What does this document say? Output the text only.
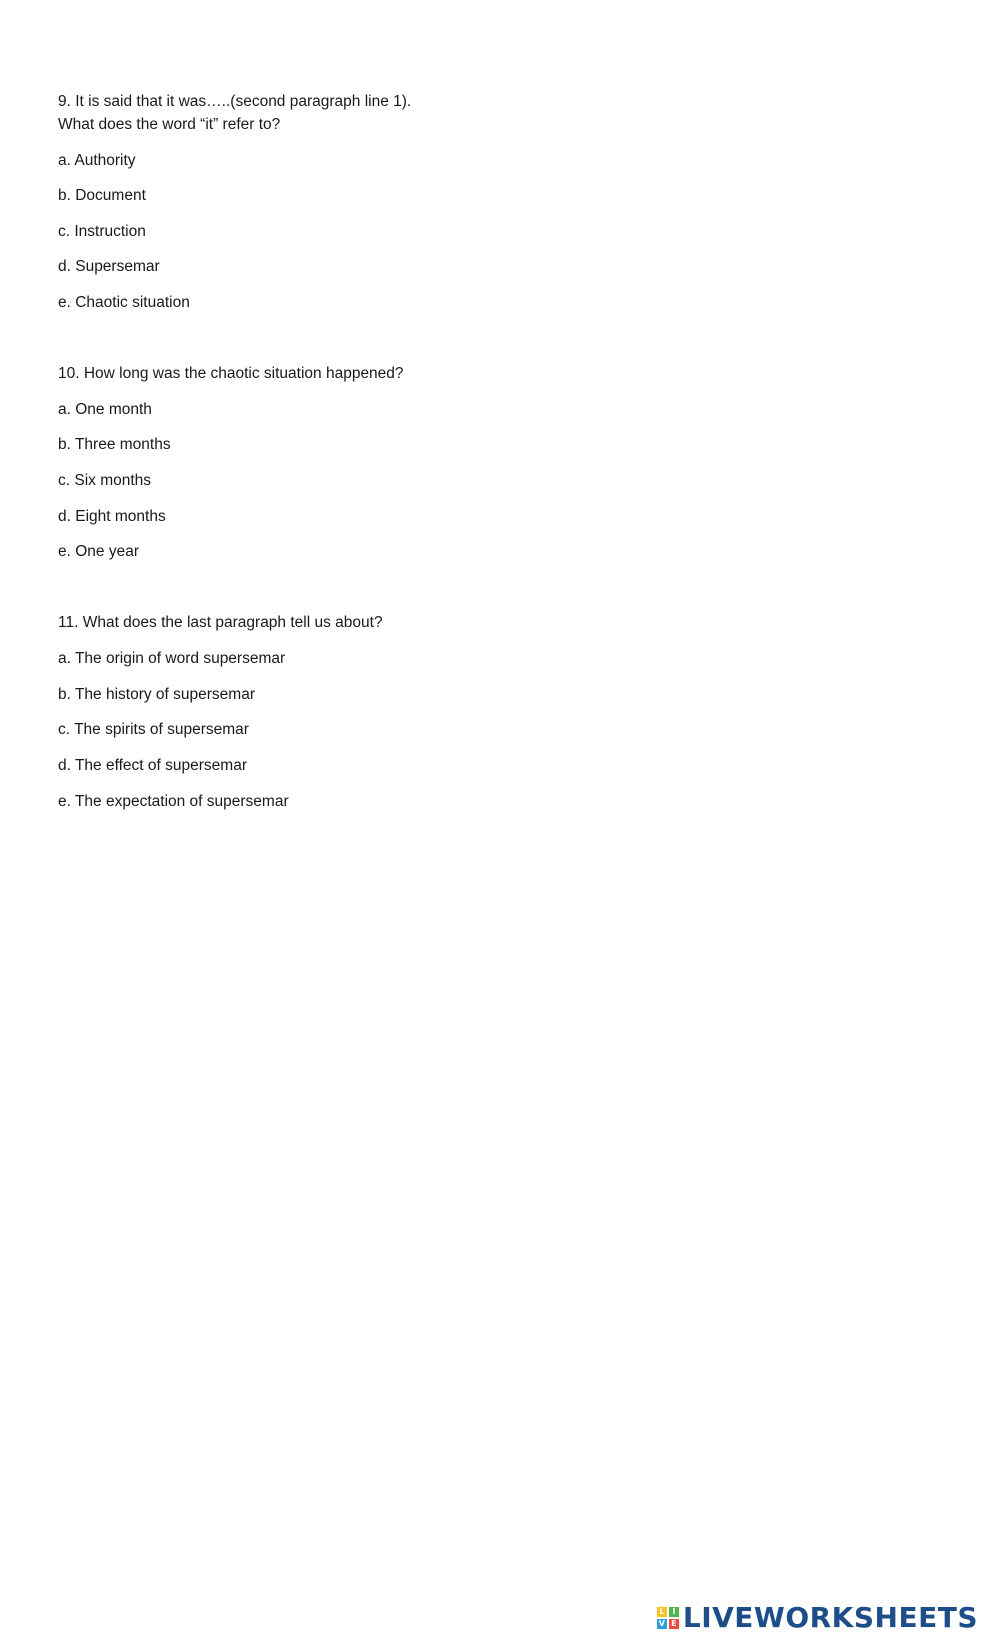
9. It is said that it was…..(second paragraph line 1).
What does the word “it” refer to?
a. Authority
b. Document
c. Instruction
d. Supersemar
e. Chaotic situation
10. How long was the chaotic situation happened?
a. One month
b. Three months
c. Six months
d. Eight months
e. One year
11. What does the last paragraph tell us about?
a. The origin of word supersemar
b. The history of supersemar
c. The spirits of supersemar
d. The effect of supersemar
e. The expectation of supersemar
L I
V E LIVEWORKSHEETS
